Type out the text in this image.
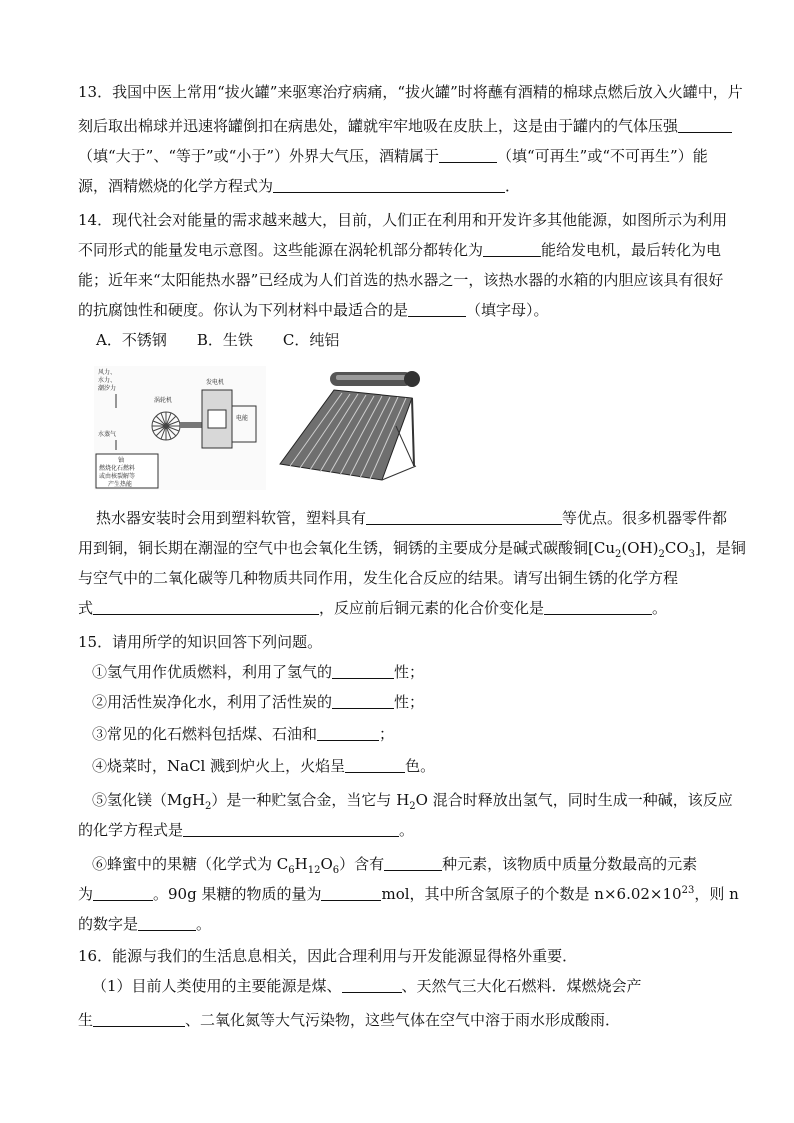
13．我国中医上常用“拔火罐”来驱寒治疗病痛，“拔火罐”时将蘸有酒精的棉球点燃后放入火罐中，片
刻后取出棉球并迅速将罐倒扣在病患处，罐就牢牢地吸在皮肤上，这是由于罐内的气体压强
（填“大于”、“等于”或“小于”）外界大气压，酒精属于	（填“可再生”或“不可再生”）能
源，酒精燃烧的化学方程式为	．
14．现代社会对能量的需求越来越大，目前，人们正在利用和开发许多其他能源，如图所示为利用
不同形式的能量发电示意图。这些能源在涡轮机部分都转化为	能给发电机，最后转化为电
能；近年来“太阳能热水器”已经成为人们首选的热水器之一，该热水器的水箱的内胆应该具有很好
的抗腐蚀性和硬度。你认为下列材料中最适合的是	（填字母）。
A．不锈钢　　B．生铁　　C．纯铝
风力、
水力、
潮汐力
涡轮机
发电机
电能
水蒸气
铀
燃烧化石燃料
或由核裂解等
产生热能
热水器安装时会用到塑料软管，塑料具有	等优点。很多机器零件都
用到铜，铜长期在潮湿的空气中也会氧化生锈，铜锈的主要成分是碱式碳酸铜$[Cu_2(OH)_2CO_3]$，是铜
与空气中的二氧化碳等几种物质共同作用，发生化合反应的结果。请写出铜生锈的化学方程
式	，反应前后铜元素的化合价变化是	。
15．请用所学的知识回答下列问题。
①氢气用作优质燃料，利用了氢气的	性；
②用活性炭净化水，利用了活性炭的	性；
③常见的化石燃料包括煤、石油和	；
④烧菜时，NaCl 溅到炉火上，火焰呈	色。
⑤氢化镁（MgH$_2$）是一种贮氢合金，当它与 $H_2O$ 混合时释放出氢气，同时生成一种碱，该反应
的化学方程式是	。
⑥蜂蜜中的果糖（化学式为 $C_6H_{12}O_6$）含有	种元素，该物质中质量分数最高的元素
为	。90g 果糖的物质的量为	mol，其中所含氢原子的个数是 $n\times 6.02\times 10^{23}$，则 n
的数字是	。
16．能源与我们的生活息息相关，因此合理利用与开发能源显得格外重要．
（1）目前人类使用的主要能源是煤、	、天然气三大化石燃料．煤燃烧会产
生	、二氧化氮等大气污染物，这些气体在空气中溶于雨水形成酸雨．
